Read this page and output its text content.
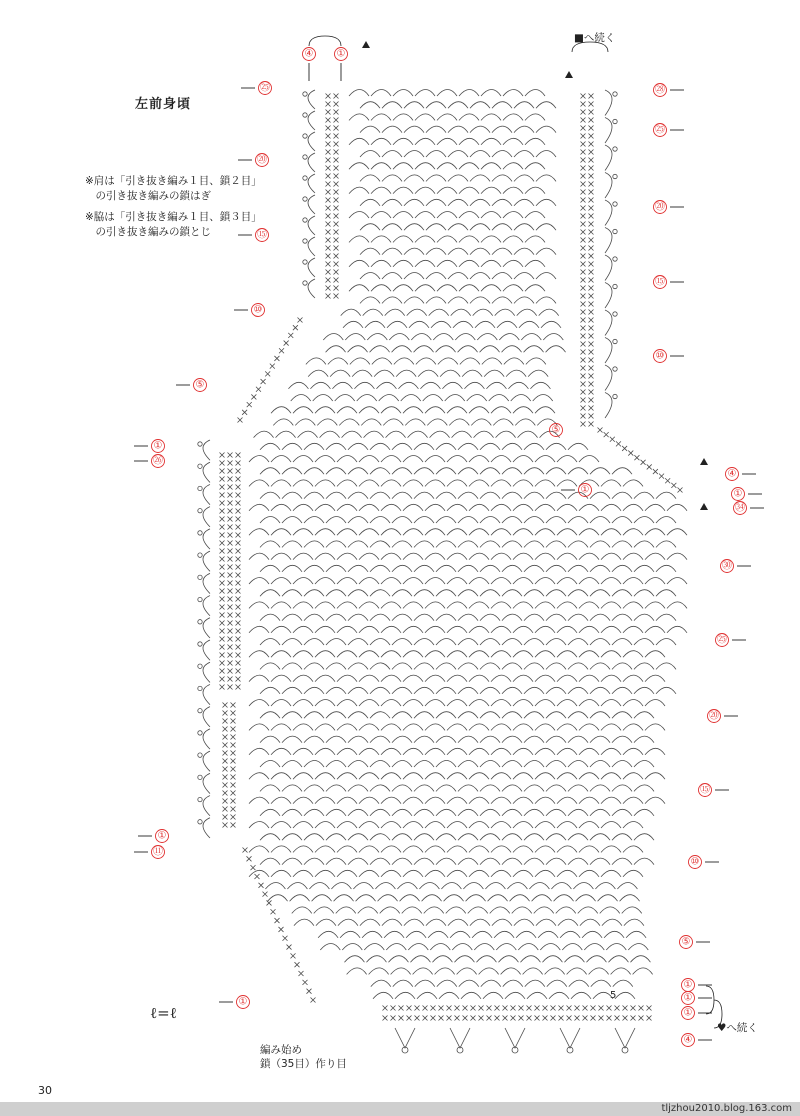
左前身頃
※肩は「引き抜き編み１目、鎖２目」
　の引き抜き編みの鎖はぎ
※脇は「引き抜き編み１目、鎖３目」
　の引き抜き編みの鎖とじ
■へ続く
♥へ続く
5
ℓ=ℓ
編み始め
鎖（35目）作り目
30
tljzhou2010.blog.163.com
④ ①
㉕
⑳
⑮
⑩
⑤
①
㉖
①
⑪
①
㉘
㉕
⑳
⑮
⑩
⑤
①
④
①
㉞
㉚
㉕
⑳
⑮
⑩
⑤
①
①
①
④
